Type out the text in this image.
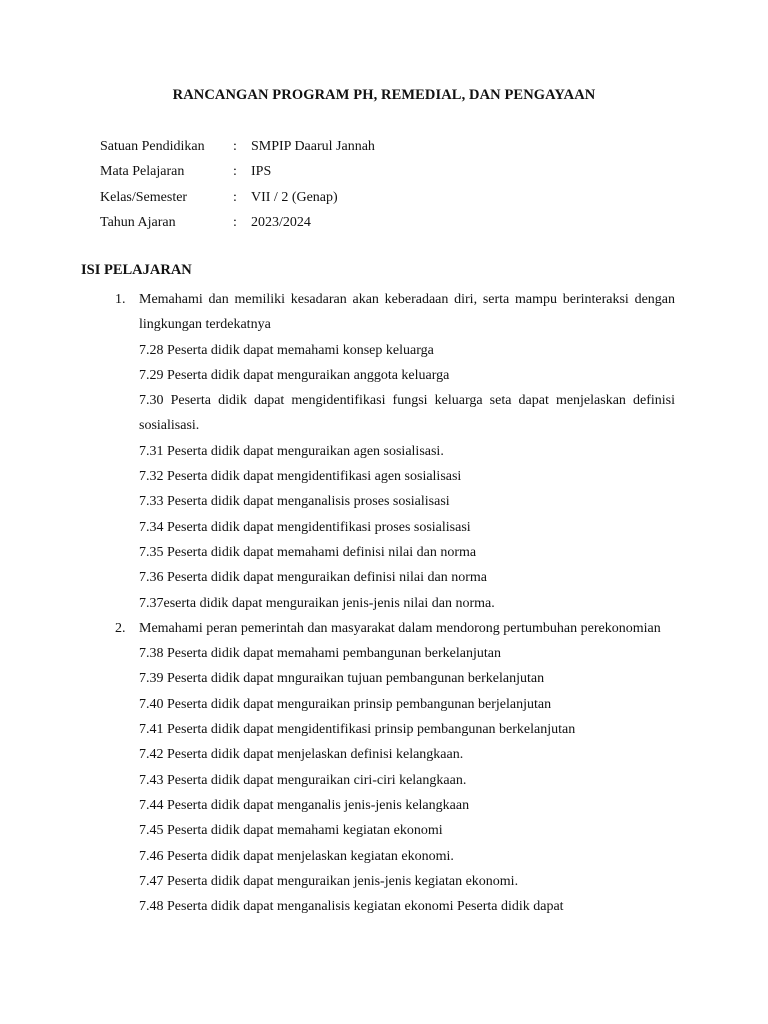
RANCANGAN PROGRAM PH, REMEDIAL, DAN PENGAYAAN
Satuan Pendidikan : SMPIP Daarul Jannah
Mata Pelajaran	: IPS
Kelas/Semester	: VII / 2 (Genap)
Tahun Ajaran	: 2023/2024
ISI PELAJARAN
1. Memahami dan memiliki kesadaran akan keberadaan diri, serta mampu berinteraksi dengan lingkungan terdekatnya
7.28 Peserta didik dapat memahami konsep keluarga
7.29 Peserta didik dapat menguraikan anggota keluarga
7.30 Peserta didik dapat mengidentifikasi fungsi keluarga seta dapat menjelaskan definisi sosialisasi.
7.31 Peserta didik dapat menguraikan agen sosialisasi.
7.32 Peserta didik dapat mengidentifikasi agen sosialisasi
7.33 Peserta didik dapat menganalisis proses sosialisasi
7.34 Peserta didik dapat mengidentifikasi proses sosialisasi
7.35 Peserta didik dapat memahami definisi nilai dan norma
7.36 Peserta didik dapat menguraikan definisi nilai dan norma
7.37eserta didik dapat menguraikan jenis-jenis nilai dan norma.
2. Memahami peran pemerintah dan masyarakat dalam mendorong pertumbuhan perekonomian
7.38 Peserta didik dapat memahami pembangunan berkelanjutan
7.39 Peserta didik dapat mnguraikan tujuan pembangunan berkelanjutan
7.40 Peserta didik dapat menguraikan prinsip pembangunan berjelanjutan
7.41 Peserta didik dapat mengidentifikasi prinsip pembangunan berkelanjutan
7.42 Peserta didik dapat menjelaskan definisi kelangkaan.
7.43 Peserta didik dapat menguraikan ciri-ciri kelangkaan.
7.44 Peserta didik dapat menganalis jenis-jenis kelangkaan
7.45 Peserta didik dapat memahami kegiatan ekonomi
7.46 Peserta didik dapat menjelaskan kegiatan ekonomi.
7.47 Peserta didik dapat menguraikan jenis-jenis kegiatan ekonomi.
7.48 Peserta didik dapat menganalisis kegiatan ekonomi Peserta didik dapat
